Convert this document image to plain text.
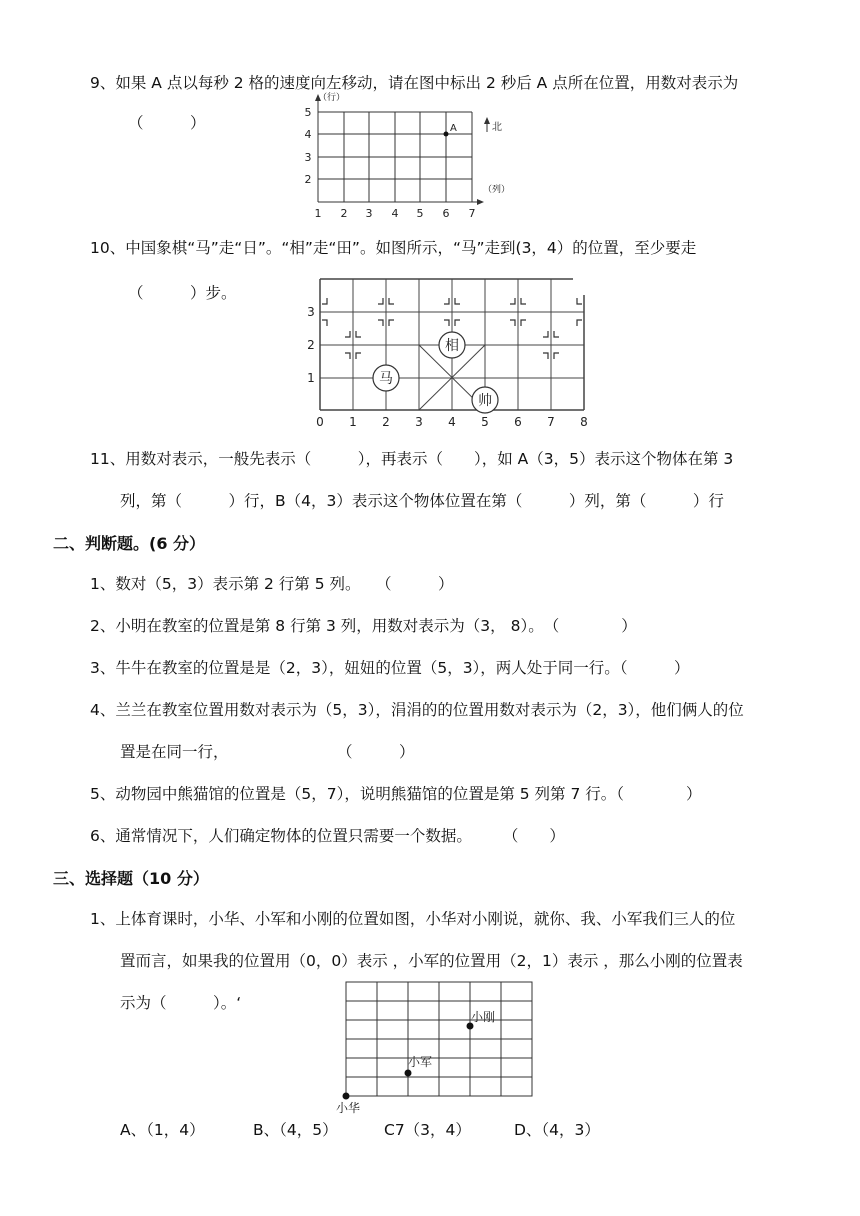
9、如果 A 点以每秒 2 格的速度向左移动，请在图中标出 2 秒后 A 点所在位置，用数对表示为
（　　　）
（行）
（列）
北
1 2 3 4 5 6 7
2
3
4
5
A
10、中国象棋“马”走“日”。“相”走“田”。如图所示，“马”走到(3，4）的位置，至少要走
（　　　）步。
0 1 2 3 4 5 6 7 8
1
2
3
马
相
帅
11、用数对表示，一般先表示（　　　），再表示（　　），如 A（3，5）表示这个物体在第 3
列，第（　　　）行，B（4，3）表示这个物体位置在第（　　　）列，第（　　　）行
二、判断题。(6 分）
1、数对（5，3）表示第 2 行第 5 列。　　（　　　）
2、小明在教室的位置是第 8 行第 3 列，用数对表示为（3， 8）。　（　　　　）
3、牛牛在教室的位置是是（2，3），妞妞的位置（5，3），两人处于同一行。（　　　）
4、兰兰在教室位置用数对表示为（5，3），涓涓的的位置用数对表示为（2，3），他们俩人的位
置是在同一行，　　　　　　　　（　　　）
5、动物园中熊猫馆的位置是（5，7），说明熊猫馆的位置是第 5 列第 7 行。（　　　　）
6、通常情况下，人们确定物体的位置只需要一个数据。　　　（　　）
三、选择题（10 分）
1、上体育课时，小华、小军和小刚的位置如图，小华对小刚说，就你、我、小军我们三人的位
置而言，如果我的位置用（0，0）表示 ，小军的位置用（2，1）表示 ，那么小刚的位置表
示为（　　　）。‘
小华
小军
小刚
A、（1，4）	B、（4，5）	C7（3，4）	D、（4，3）
